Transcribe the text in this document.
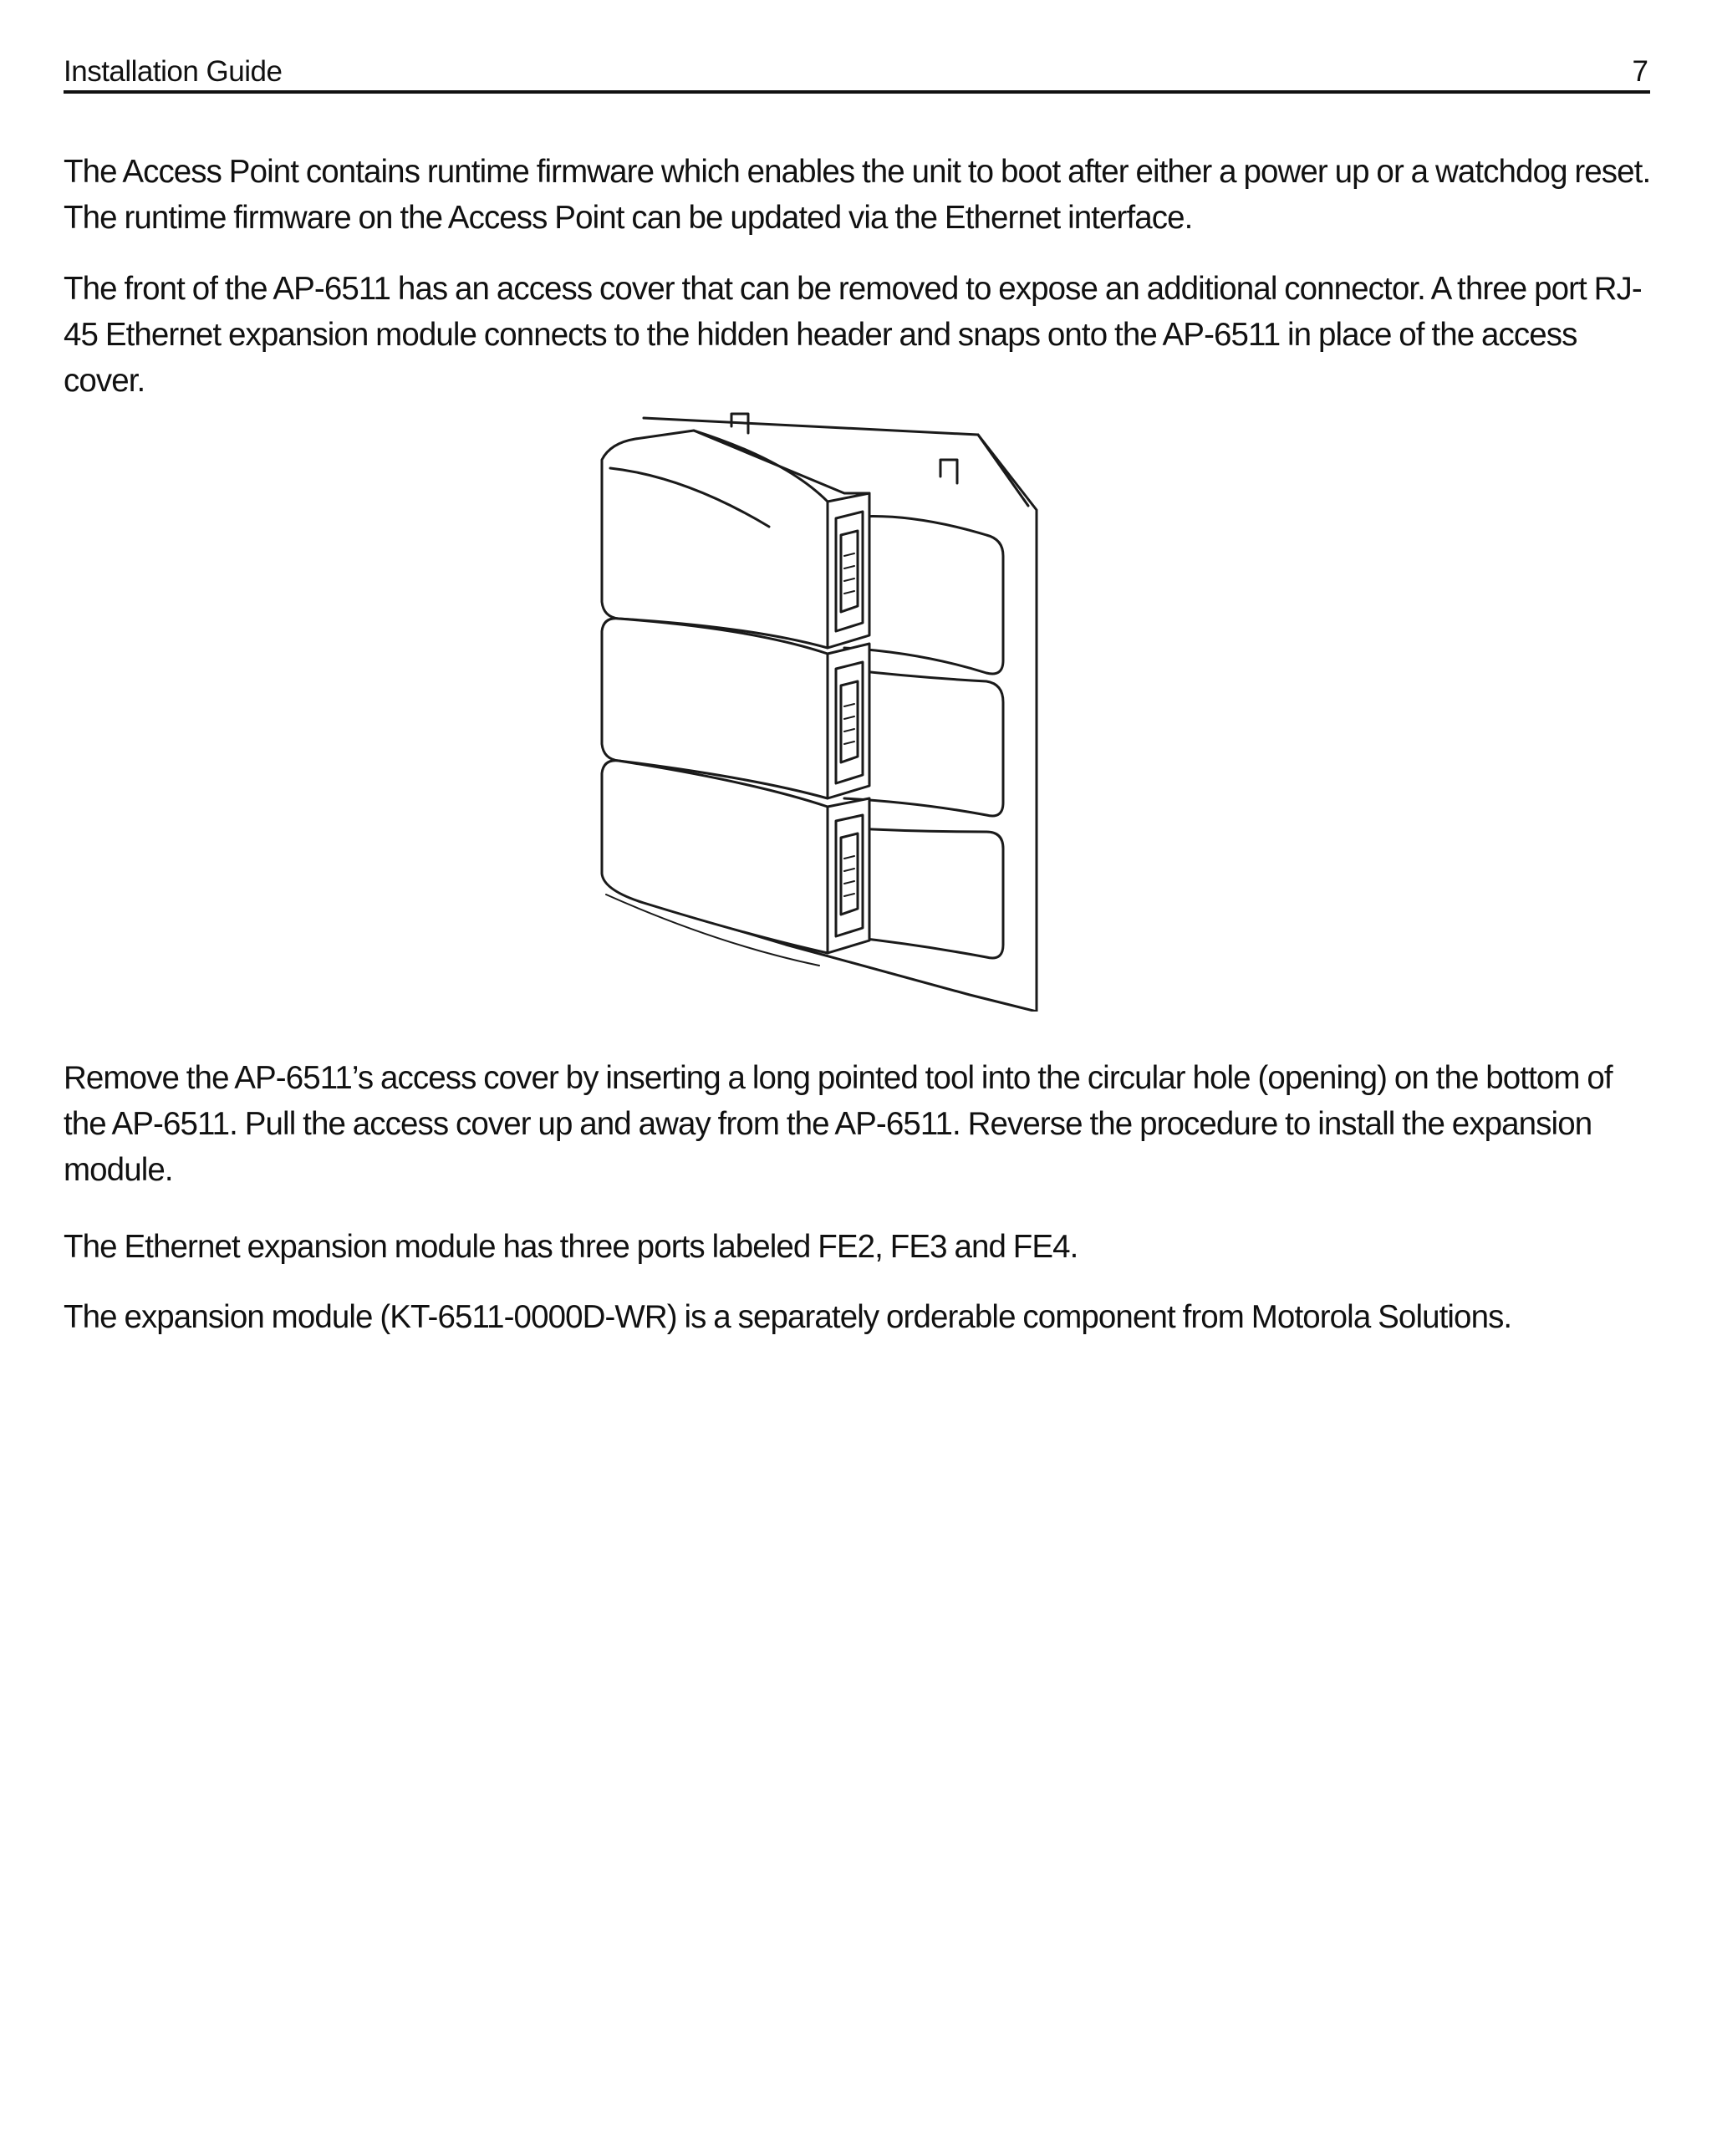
Installation Guide	7

The Access Point contains runtime firmware which enables the unit to boot after either a power up or a watchdog reset. The runtime firmware on the Access Point can be updated via the Ethernet interface.

The front of the AP-6511 has an access cover that can be removed to expose an additional connector. A three port RJ-45 Ethernet expansion module connects to the hidden header and snaps onto the AP-6511 in place of the access cover.

Remove the AP-6511’s access cover by inserting a long pointed tool into the circular hole (opening) on the bottom of the AP-6511. Pull the access cover up and away from the AP-6511. Reverse the procedure to install the expansion module.

The Ethernet expansion module has three ports labeled FE2, FE3 and FE4.

The expansion module (KT-6511-0000D-WR) is a separately orderable component from Motorola Solutions.
